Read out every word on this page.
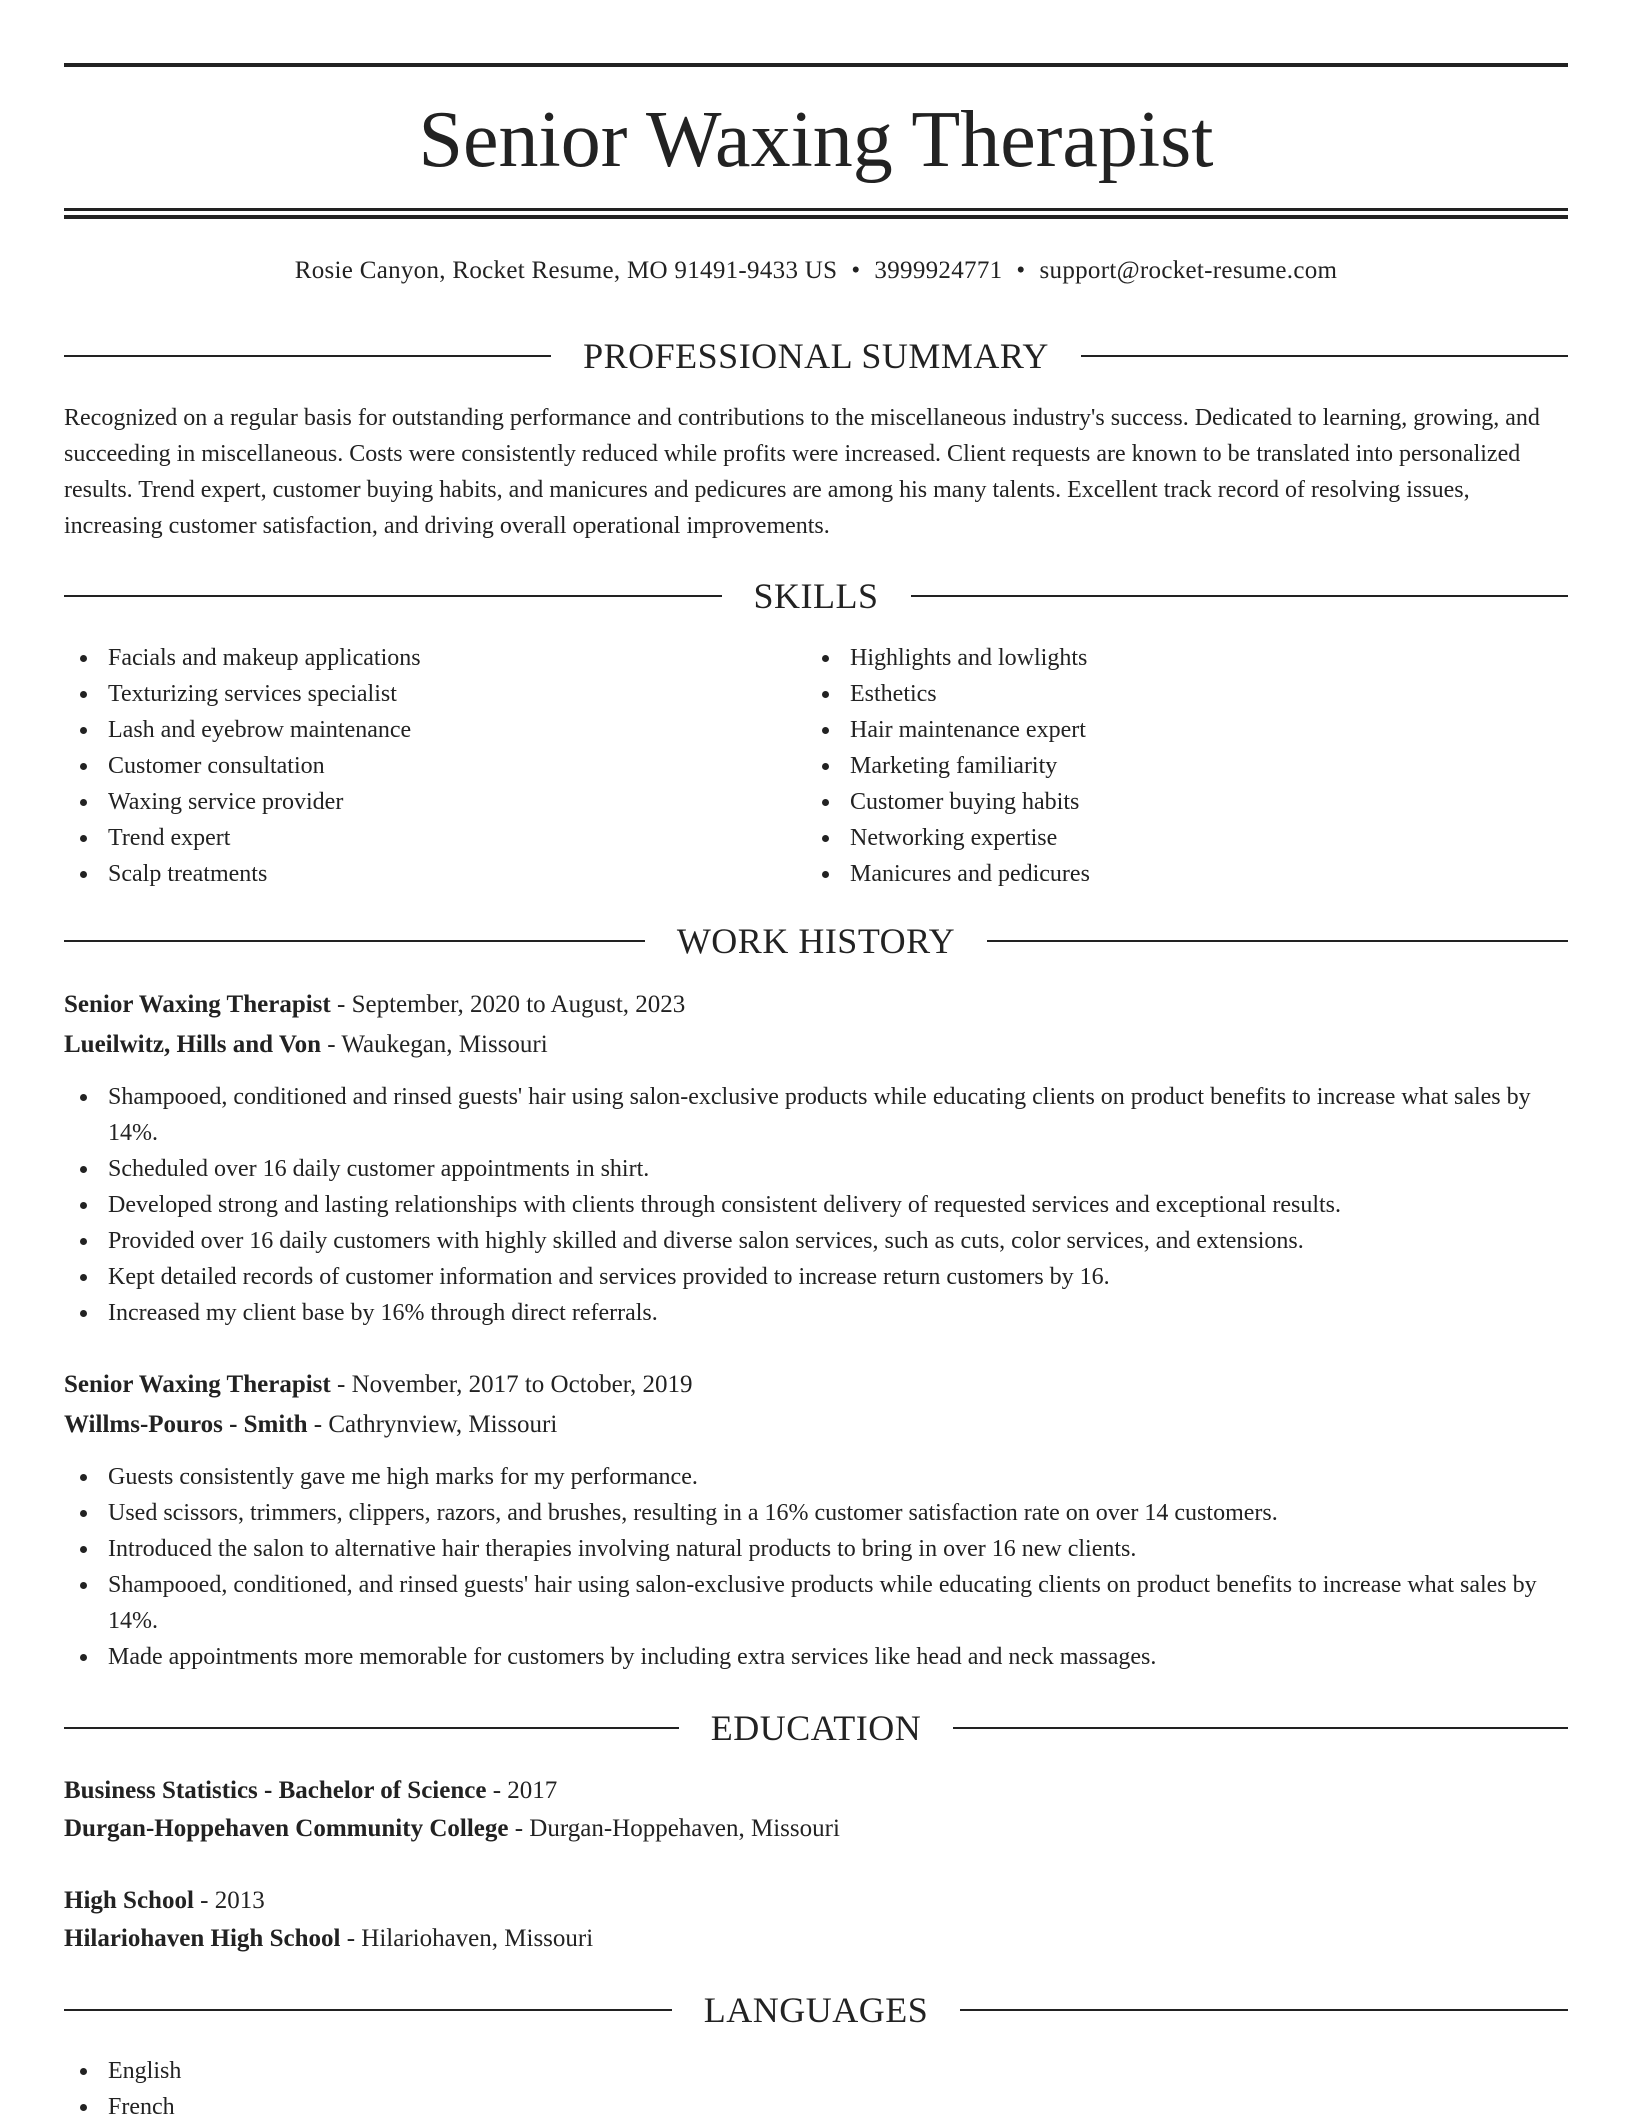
Senior Waxing Therapist
Rosie Canyon, Rocket Resume, MO 91491-9433 US • 3999924771 • support@rocket-resume.com
PROFESSIONAL SUMMARY

Recognized on a regular basis for outstanding performance and contributions to the miscellaneous industry's success. Dedicated to learning, growing, and succeeding in miscellaneous. Costs were consistently reduced while profits were increased. Client requests are known to be translated into personalized results. Trend expert, customer buying habits, and manicures and pedicures are among his many talents. Excellent track record of resolving issues, increasing customer satisfaction, and driving overall operational improvements.

SKILLS
Facials and makeup applications
Texturizing services specialist
Lash and eyebrow maintenance
Customer consultation
Waxing service provider
Trend expert
Scalp treatments
Highlights and lowlights
Esthetics
Hair maintenance expert
Marketing familiarity
Customer buying habits
Networking expertise
Manicures and pedicures
WORK HISTORY
Senior Waxing Therapist - September, 2020 to August, 2023
Lueilwitz, Hills and Von - Waukegan, Missouri
Shampooed, conditioned and rinsed guests' hair using salon-exclusive products while educating clients on product benefits to increase what sales by 14%.
Scheduled over 16 daily customer appointments in shirt.
Developed strong and lasting relationships with clients through consistent delivery of requested services and exceptional results.
Provided over 16 daily customers with highly skilled and diverse salon services, such as cuts, color services, and extensions.
Kept detailed records of customer information and services provided to increase return customers by 16.
Increased my client base by 16% through direct referrals.
Senior Waxing Therapist - November, 2017 to October, 2019
Willms-Pouros - Smith - Cathrynview, Missouri
Guests consistently gave me high marks for my performance.
Used scissors, trimmers, clippers, razors, and brushes, resulting in a 16% customer satisfaction rate on over 14 customers.
Introduced the salon to alternative hair therapies involving natural products to bring in over 16 new clients.
Shampooed, conditioned, and rinsed guests' hair using salon-exclusive products while educating clients on product benefits to increase what sales by 14%.
Made appointments more memorable for customers by including extra services like head and neck massages.
EDUCATION
Business Statistics - Bachelor of Science - 2017
Durgan-Hoppehaven Community College - Durgan-Hoppehaven, Missouri
High School - 2013
Hilariohaven High School - Hilariohaven, Missouri
LANGUAGES
English
French
